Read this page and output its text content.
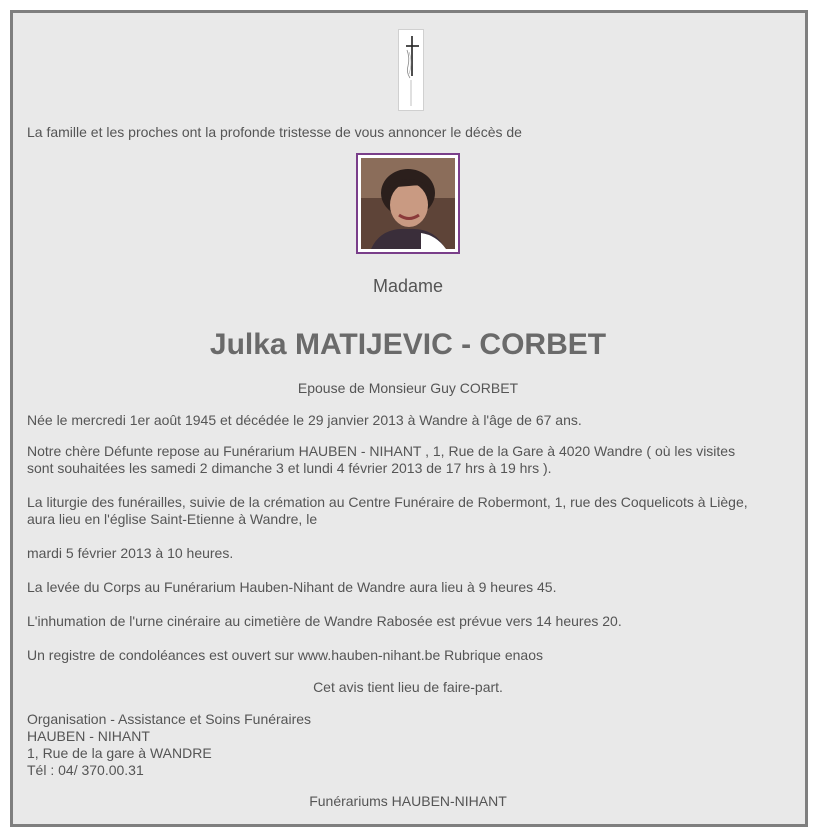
La famille et les proches ont la profonde tristesse de vous annoncer le décès de
Madame
Julka MATIJEVIC - CORBET
Epouse de Monsieur Guy CORBET
Née le mercredi 1er août 1945 et décédée le 29 janvier 2013 à Wandre à l'âge de 67 ans.
Notre chère Défunte repose au Funérarium HAUBEN - NIHANT , 1, Rue de la Gare à 4020 Wandre ( où les visites
sont souhaitées les samedi 2 dimanche 3 et lundi 4 février 2013 de 17 hrs à 19 hrs ).
La liturgie des funérailles, suivie de la crémation au Centre Funéraire de Robermont, 1, rue des Coquelicots à Liège,
aura lieu en l'église Saint-Etienne à Wandre, le
mardi 5 février 2013 à 10 heures.
La levée du Corps au Funérarium Hauben-Nihant de Wandre aura lieu à 9 heures 45.
L'inhumation de l'urne cinéraire au cimetière de Wandre Rabosée est prévue vers 14 heures 20.
Un registre de condoléances est ouvert sur www.hauben-nihant.be Rubrique enaos
Cet avis tient lieu de faire-part.
Organisation - Assistance et Soins Funéraires
HAUBEN - NIHANT
1, Rue de la gare à WANDRE
Tél : 04/ 370.00.31
Funérariums HAUBEN-NIHANT
